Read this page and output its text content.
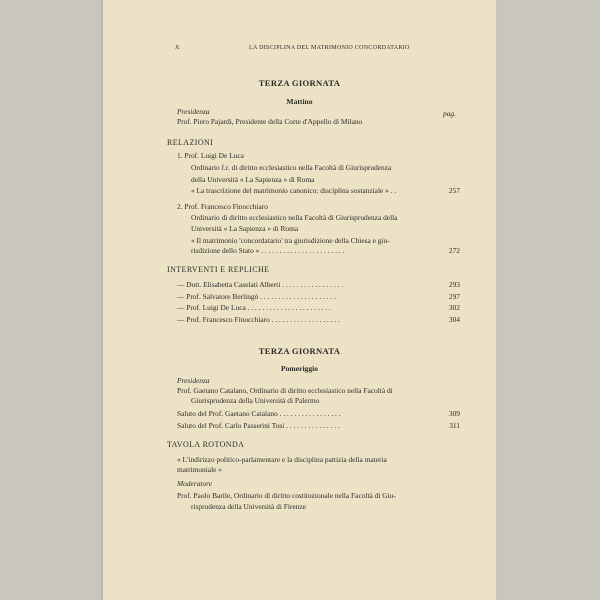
X	LA DISCIPLINA DEL MATRIMONIO CONCORDATARIO
TERZA GIORNATA
Mattino
Presidenza	pag.
Prof. Piero Pajardi, Presidente della Corte d'Appello di Milano
RELAZIONI
1. Prof. Luigi De Luca
Ordinario f.r. di diritto ecclesiastico nella Facoltà di Giurisprudenza
della Università « La Sapienza » di Roma
« La trascrizione del matrimonio canonico: disciplina sostanziale » . .	257
2. Prof. Francesco Finocchiaro
Ordinario di diritto ecclesiastico nella Facoltà di Giurisprudenza della
Università « La Sapienza » di Roma
« Il matrimonio 'concordatario' tra giurisdizione della Chiesa e giu-
risdizione dello Stato » . . . . . . . . . . . . . . . . . . . . . . .	272
INTERVENTI E REPLICHE
— Dott. Elisabetta Caselati Alberti . . . . . . . . . . . . . . . . .	293
— Prof. Salvatore Berlingò . . . . . . . . . . . . . . . . . . . . .	297
— Prof. Luigi De Luca . . . . . . . . . . . . . . . . . . . . . . .	302
— Prof. Francesco Finocchiaro . . . . . . . . . . . . . . . . . . .	304
TERZA GIORNATA
Pomeriggio
Presidenza
Prof. Gaetano Catalano, Ordinario di diritto ecclesiastico nella Facoltà di
Giurisprudenza della Università di Palermo
Saluto del Prof. Gaetano Catalano . . . . . . . . . . . . . . . . .	309
Saluto del Prof. Carlo Passerini Tosi . . . . . . . . . . . . . . .	311
TAVOLA ROTONDA
« L'indirizzo politico-parlamentare e la disciplina pattizia della materia
matrimoniale »
Moderatore
Prof. Paolo Barile, Ordinario di diritto costituzionale nella Facoltà di Giu-
risprudenza della Università di Firenze
